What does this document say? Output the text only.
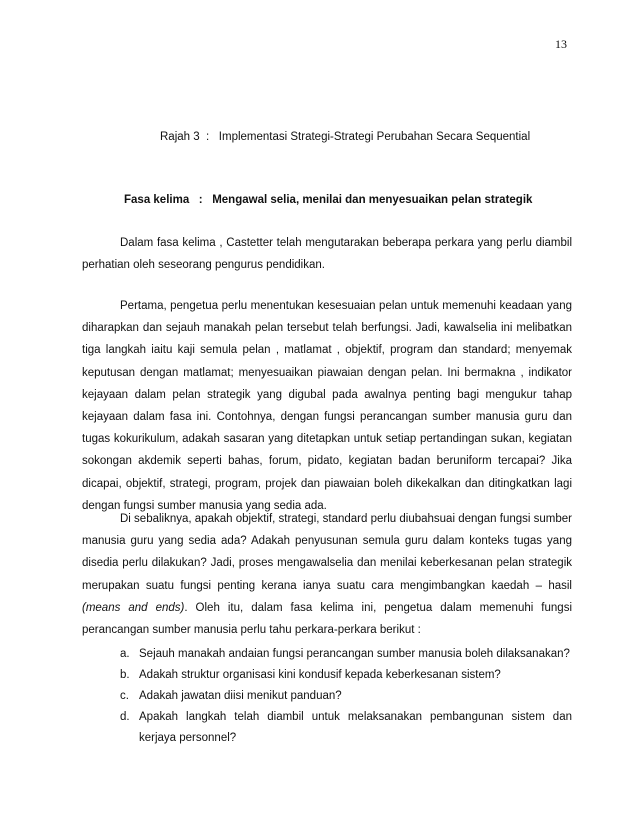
13
Rajah 3  :   Implementasi Strategi-Strategi Perubahan Secara Sequential
Fasa kelima   :   Mengawal selia, menilai dan menyesuaikan pelan strategik

Dalam fasa kelima , Castetter telah mengutarakan beberapa perkara yang perlu diambil perhatian oleh seseorang pengurus pendidikan.

Pertama, pengetua perlu menentukan kesesuaian pelan untuk memenuhi keadaan yang diharapkan dan sejauh manakah pelan tersebut telah berfungsi. Jadi, kawalselia ini melibatkan tiga langkah iaitu kaji semula pelan , matlamat , objektif, program dan standard; menyemak keputusan dengan matlamat; menyesuaikan piawaian dengan pelan. Ini bermakna , indikator kejayaan dalam pelan strategik yang digubal pada awalnya penting bagi mengukur tahap kejayaan dalam fasa ini. Contohnya, dengan fungsi perancangan sumber manusia guru dan tugas kokurikulum, adakah sasaran yang ditetapkan untuk setiap pertandingan sukan, kegiatan sokongan akdemik seperti bahas, forum, pidato, kegiatan badan beruniform tercapai? Jika dicapai, objektif, strategi, program, projek dan piawaian boleh dikekalkan dan ditingkatkan lagi dengan fungsi sumber manusia yang sedia ada.

Di sebaliknya, apakah objektif, strategi, standard perlu diubahsuai dengan fungsi sumber manusia guru yang sedia ada? Adakah penyusunan semula guru dalam konteks tugas yang disedia perlu dilakukan? Jadi, proses mengawalselia dan menilai keberkesanan pelan strategik merupakan suatu fungsi penting kerana ianya suatu cara mengimbangkan kaedah – hasil (means and ends). Oleh itu, dalam fasa kelima ini, pengetua dalam memenuhi fungsi perancangan sumber manusia perlu tahu perkara-perkara berikut :

a. Sejauh manakah andaian fungsi perancangan sumber manusia boleh dilaksanakan?
b. Adakah struktur organisasi kini kondusif kepada keberkesanan sistem?
c. Adakah jawatan diisi menikut panduan?
d. Apakah langkah telah diambil untuk melaksanakan pembangunan sistem dan
kerjaya personnel?
